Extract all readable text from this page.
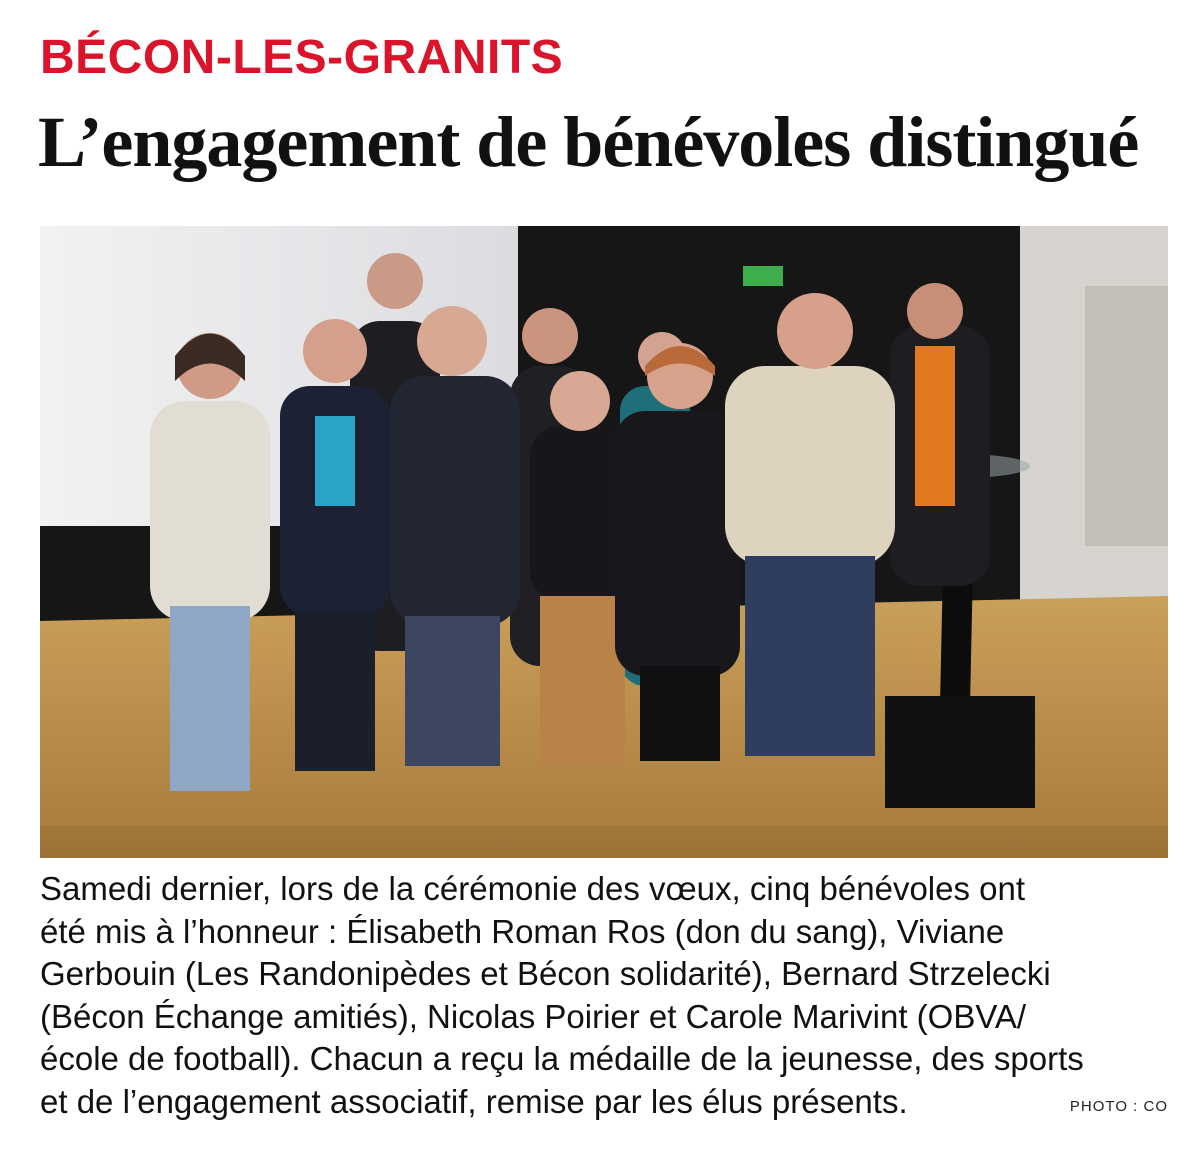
BÉCON-LES-GRANITS
L’engagement de bénévoles distingué
Samedi dernier, lors de la cérémonie des vœux, cinq bénévoles ont
été mis à l’honneur : Élisabeth Roman Ros (don du sang), Viviane
Gerbouin (Les Randonipèdes et Bécon solidarité), Bernard Strzelecki
(Bécon Échange amitiés), Nicolas Poirier et Carole Marivint (OBVA/
école de football). Chacun a reçu la médaille de la jeunesse, des sports
et de l’engagement associatif, remise par les élus présents.	PHOTO : CO
